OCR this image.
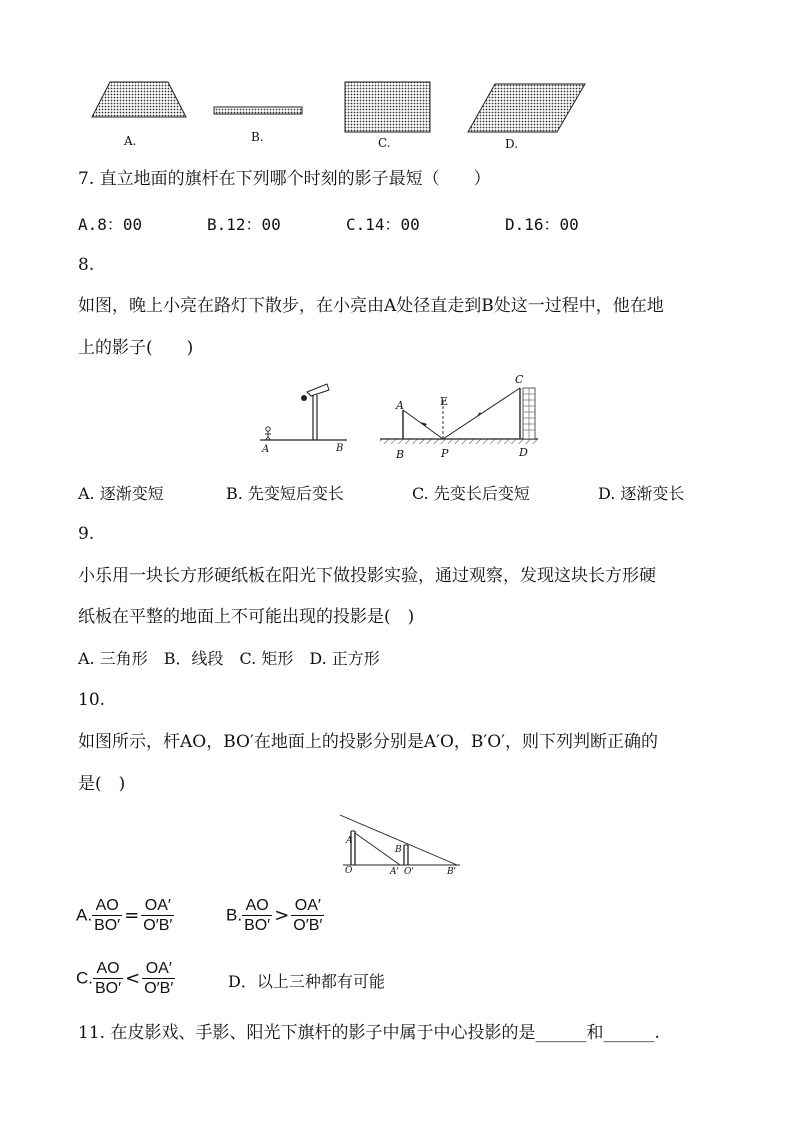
A.	B.	C.	D.
7. 直立地面的旗杆在下列哪个时刻的影子最短（　　）
A.8：00	B.12：00	C.14：00	D.16：00
8.
如图，晚上小亮在路灯下散步，在小亮由A处径直走到B处这一过程中，他在地
上的影子(　　)
A	B
A	E
C
B	P	D
A. 逐渐变短	B. 先变短后变长	C. 先变长后变短	D. 逐渐变长
9.
小乐用一块长方形硬纸板在阳光下做投影实验，通过观察，发现这块长方形硬
纸板在平整的地面上不可能出现的投影是(　)
A. 三角形　B．线段　C. 矩形　D. 正方形
10.
如图所示，杆AO，BO′在地面上的投影分别是A′O，B′O′，则下列判断正确的
是(　)
A
B
O	A' O'	B'
A. $\frac{AO}{BO'} = \frac{OA'}{O'B'}$	B. $\frac{AO}{BO'} > \frac{OA'}{O'B'}$
C. $\frac{AO}{BO'} < \frac{OA'}{O'B'}$	D．以上三种都有可能
11. 在皮影戏、手影、阳光下旗杆的影子中属于中心投影的是______和______.
